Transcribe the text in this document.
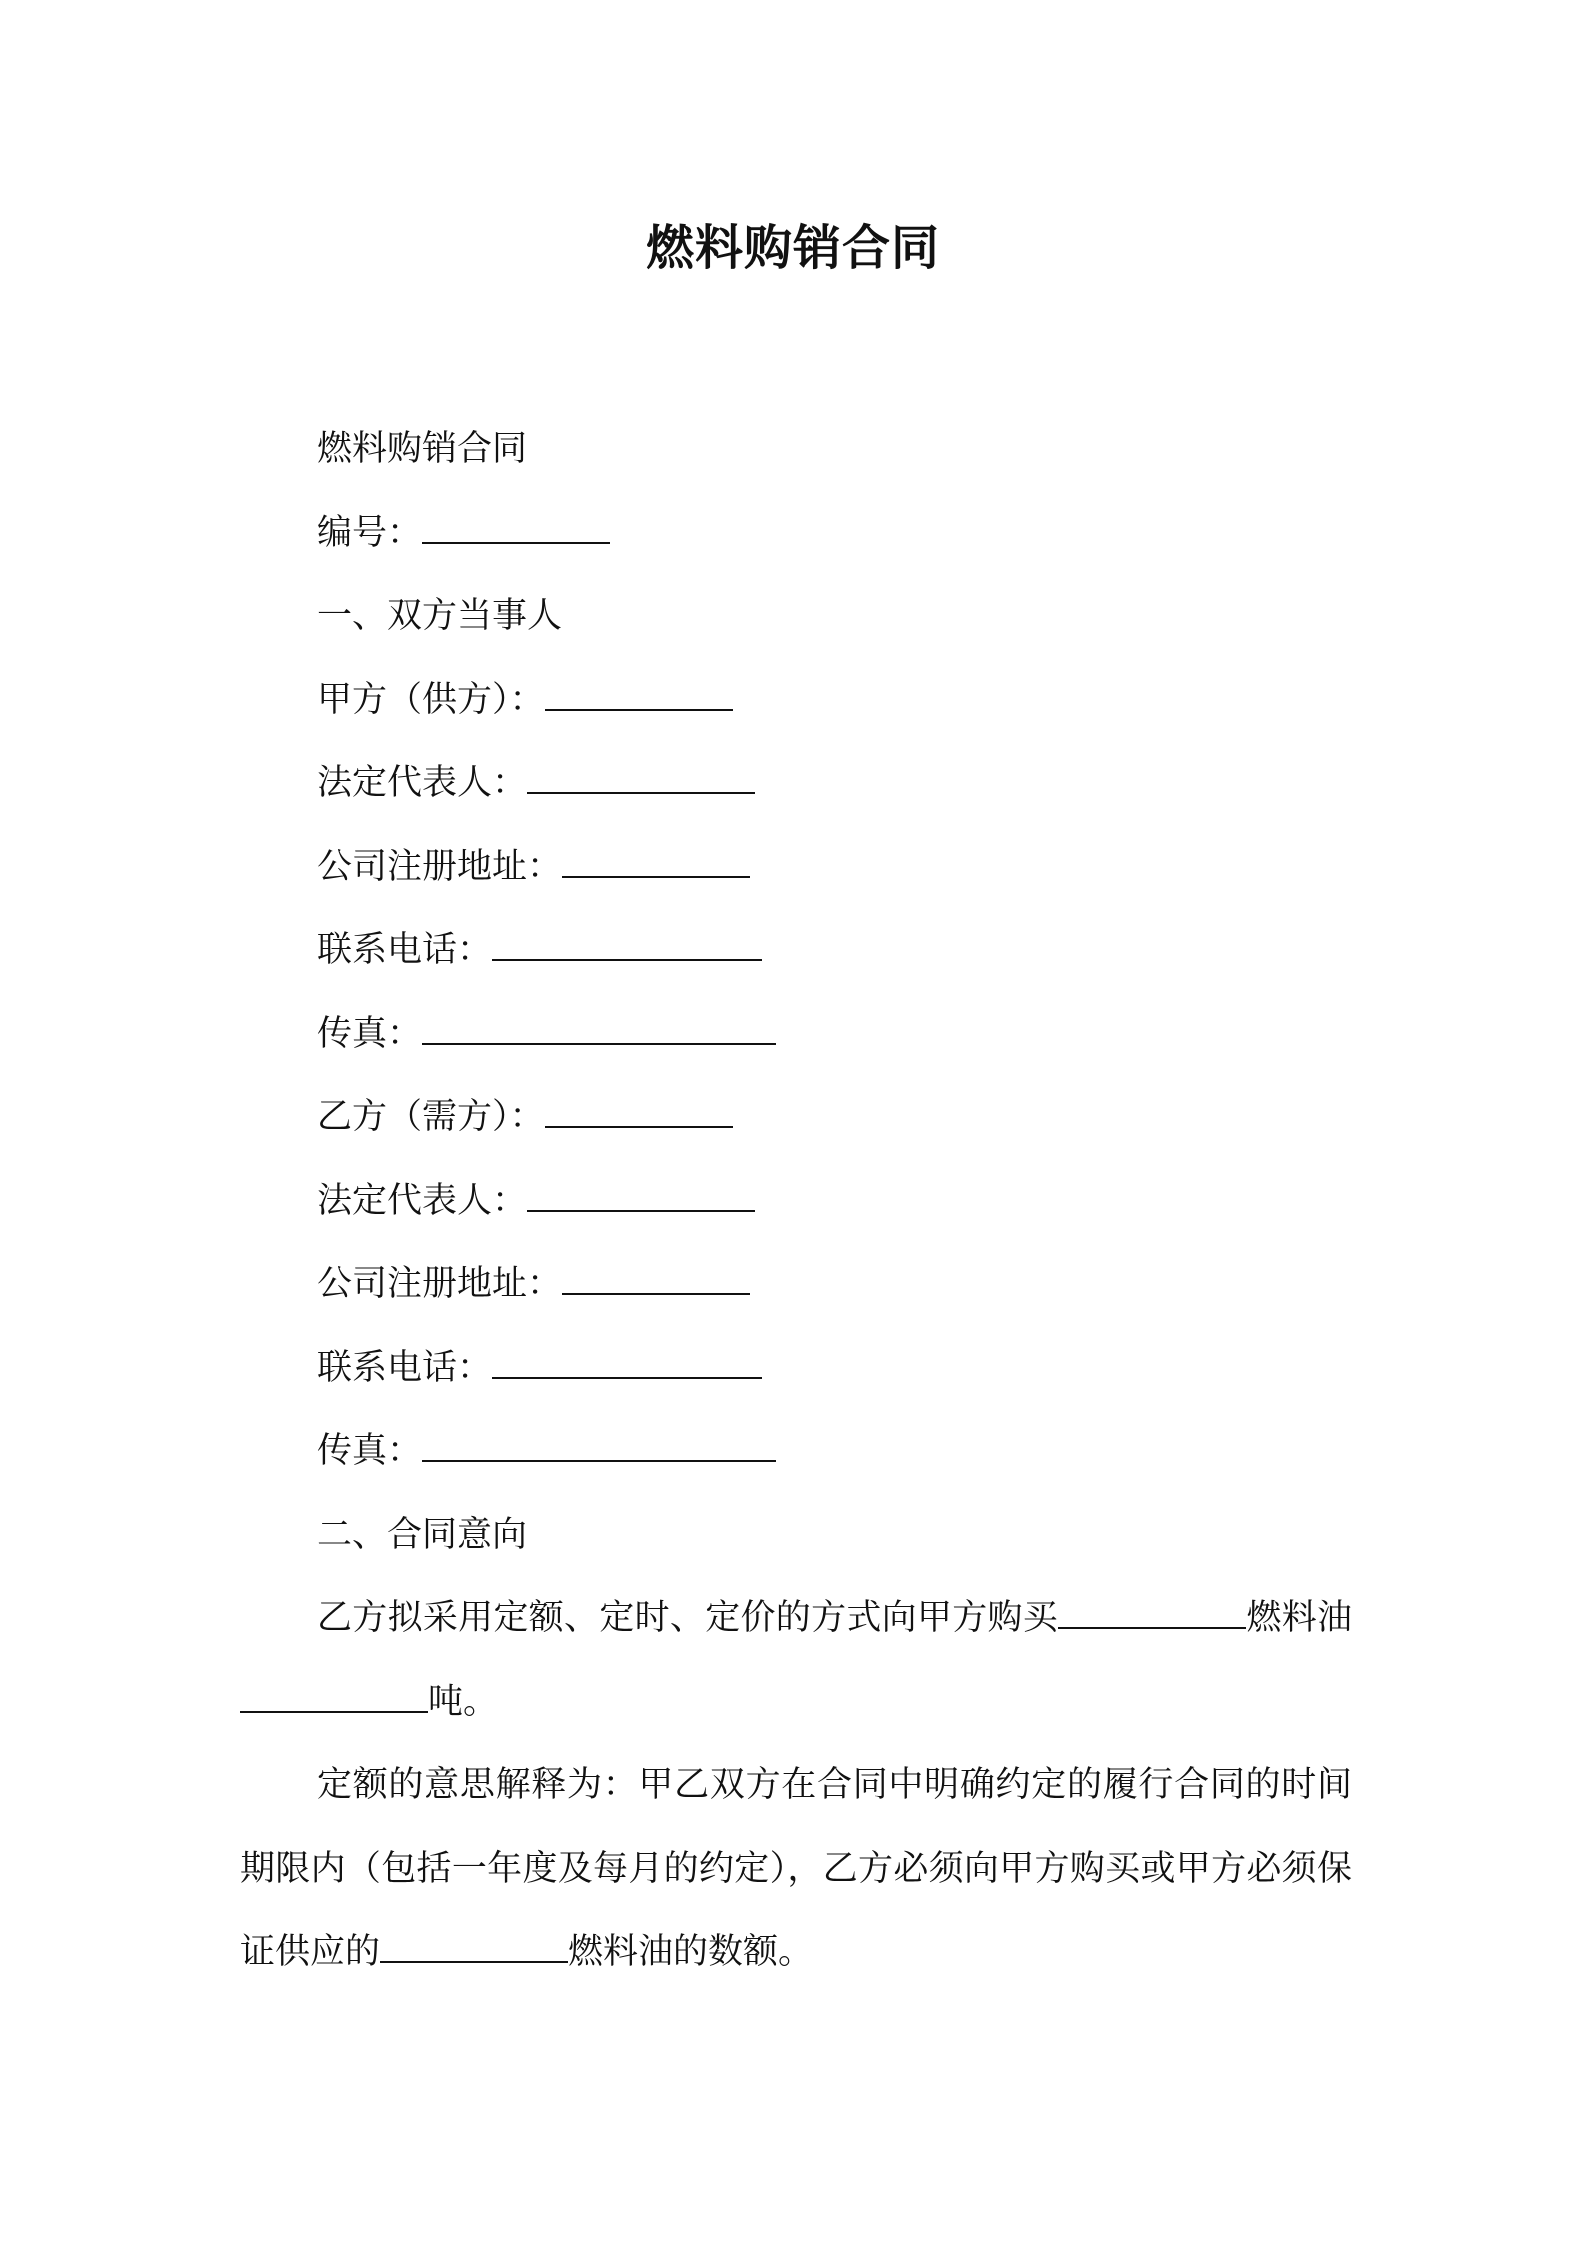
燃料购销合同
燃料购销合同
编号：
一、双方当事人
甲方（供方）：
法定代表人：
公司注册地址：
联系电话：
传真：
乙方（需方）：
法定代表人：
公司注册地址：
联系电话：
传真：
二、合同意向
乙方拟采用定额、定时、定价的方式向甲方购买	燃料油吨。
定额的意思解释为：甲乙双方在合同中明确约定的履行合同的时间期限内（包括一年度及每月的约定），乙方必须向甲方购买或甲方必须保证供应的	燃料油的数额。
